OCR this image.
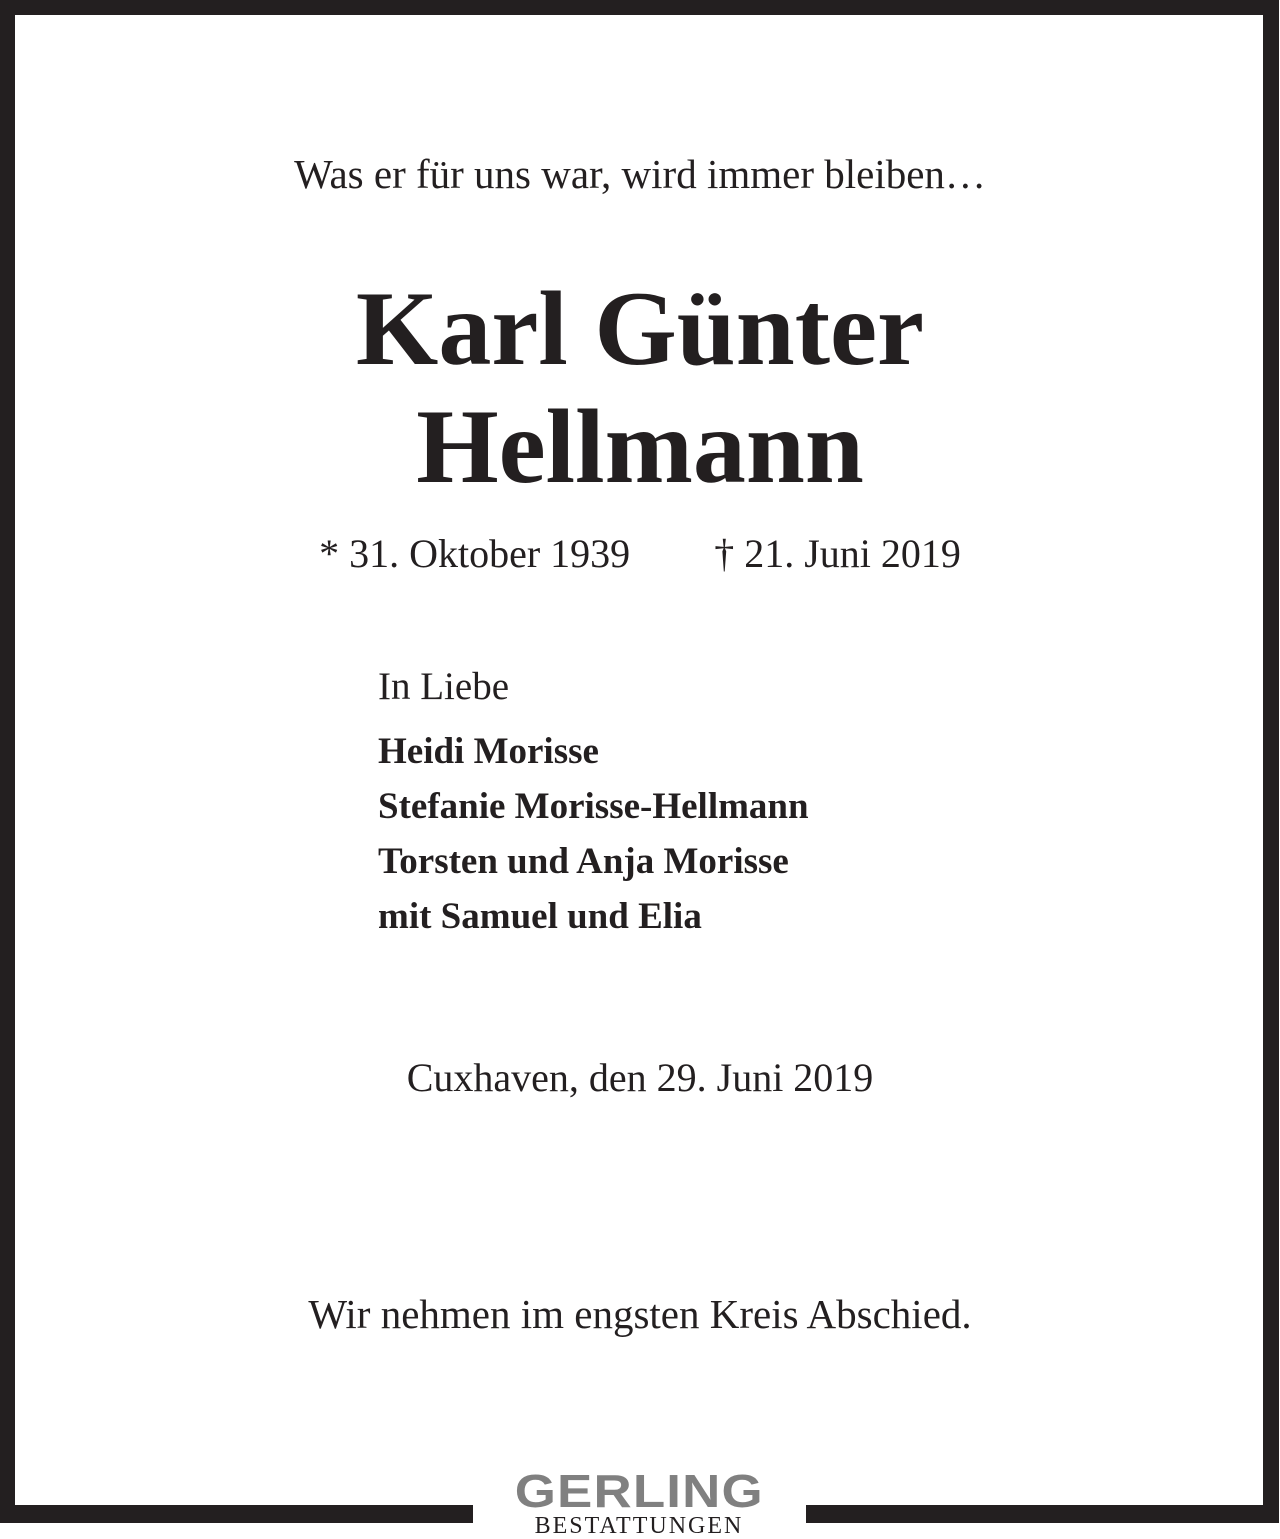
Was er für uns war, wird immer bleiben…
Karl Günter
Hellmann
* 31. Oktober 1939 † 21. Juni 2019
In Liebe
Heidi Morisse
Stefanie Morisse-Hellmann
Torsten und Anja Morisse
mit Samuel und Elia
Cuxhaven, den 29. Juni 2019
Wir nehmen im engsten Kreis Abschied.
GERLING
BESTATTUNGEN
